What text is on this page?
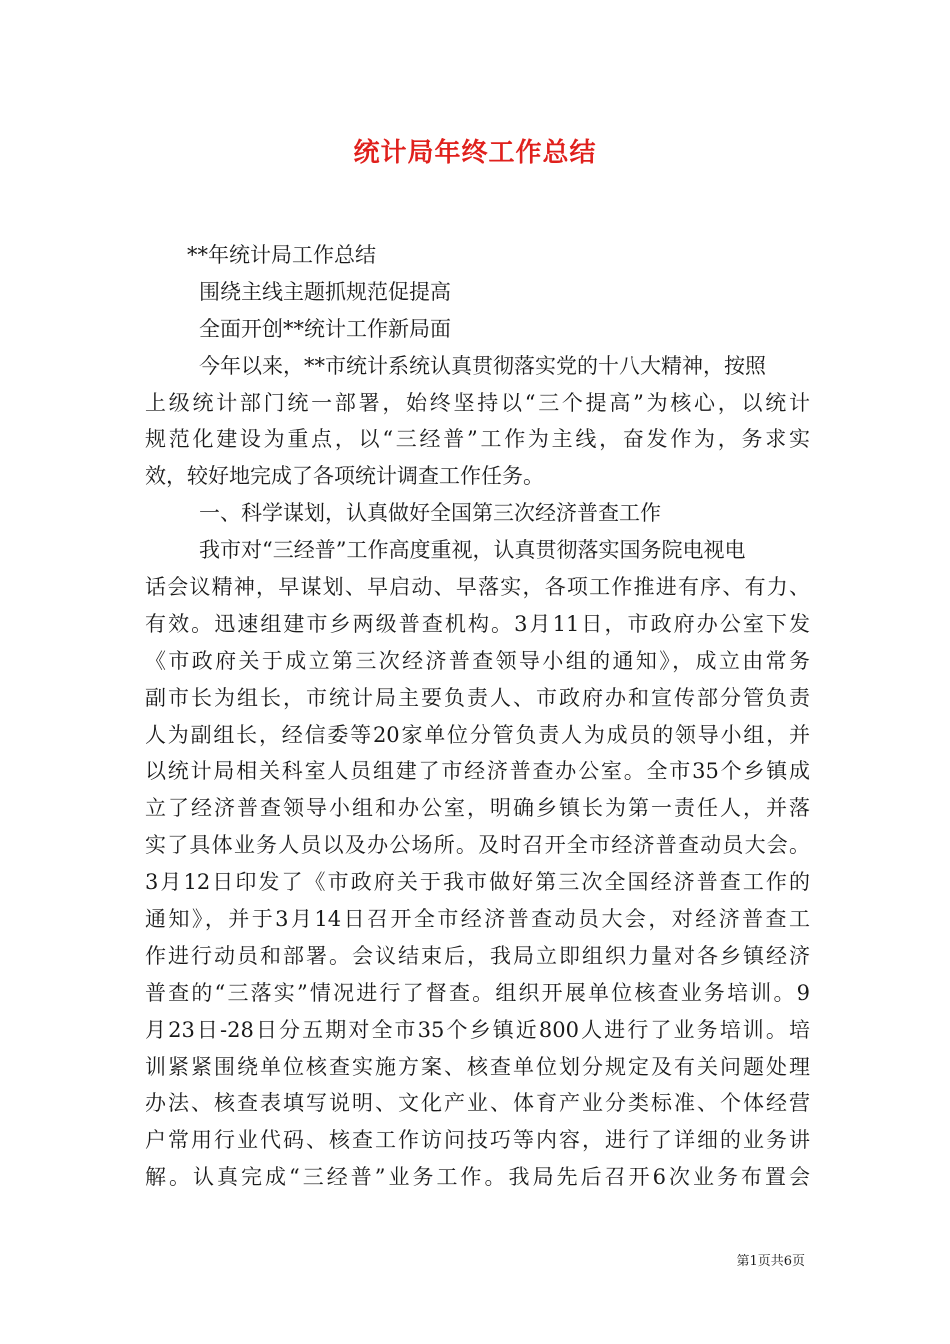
统计局年终工作总结
**年统计局工作总结
围绕主线主题抓规范促提高
全面开创**统计工作新局面
今年以来，**市统计系统认真贯彻落实党的十八大精神，按照
上级统计部门统一部署，始终坚持以“三个提高”为核心，以统计
规范化建设为重点，以“三经普”工作为主线，奋发作为，务求实
效，较好地完成了各项统计调查工作任务。
一、科学谋划，认真做好全国第三次经济普查工作
我市对“三经普”工作高度重视，认真贯彻落实国务院电视电
话会议精神，早谋划、早启动、早落实，各项工作推进有序、有力、
有效。迅速组建市乡两级普查机构。3月11日，市政府办公室下发
《市政府关于成立第三次经济普查领导小组的通知》，成立由常务
副市长为组长，市统计局主要负责人、市政府办和宣传部分管负责
人为副组长，经信委等20家单位分管负责人为成员的领导小组，并
以统计局相关科室人员组建了市经济普查办公室。全市35个乡镇成
立了经济普查领导小组和办公室，明确乡镇长为第一责任人，并落
实了具体业务人员以及办公场所。及时召开全市经济普查动员大会。
3月12日印发了《市政府关于我市做好第三次全国经济普查工作的
通知》，并于3月14日召开全市经济普查动员大会，对经济普查工
作进行动员和部署。会议结束后，我局立即组织力量对各乡镇经济
普查的“三落实”情况进行了督查。组织开展单位核查业务培训。9
月23日-28日分五期对全市35个乡镇近800人进行了业务培训。培
训紧紧围绕单位核查实施方案、核查单位划分规定及有关问题处理
办法、核查表填写说明、文化产业、体育产业分类标准、个体经营
户常用行业代码、核查工作访问技巧等内容，进行了详细的业务讲
解。认真完成“三经普”业务工作。我局先后召开6次业务布置会
第1页共6页
